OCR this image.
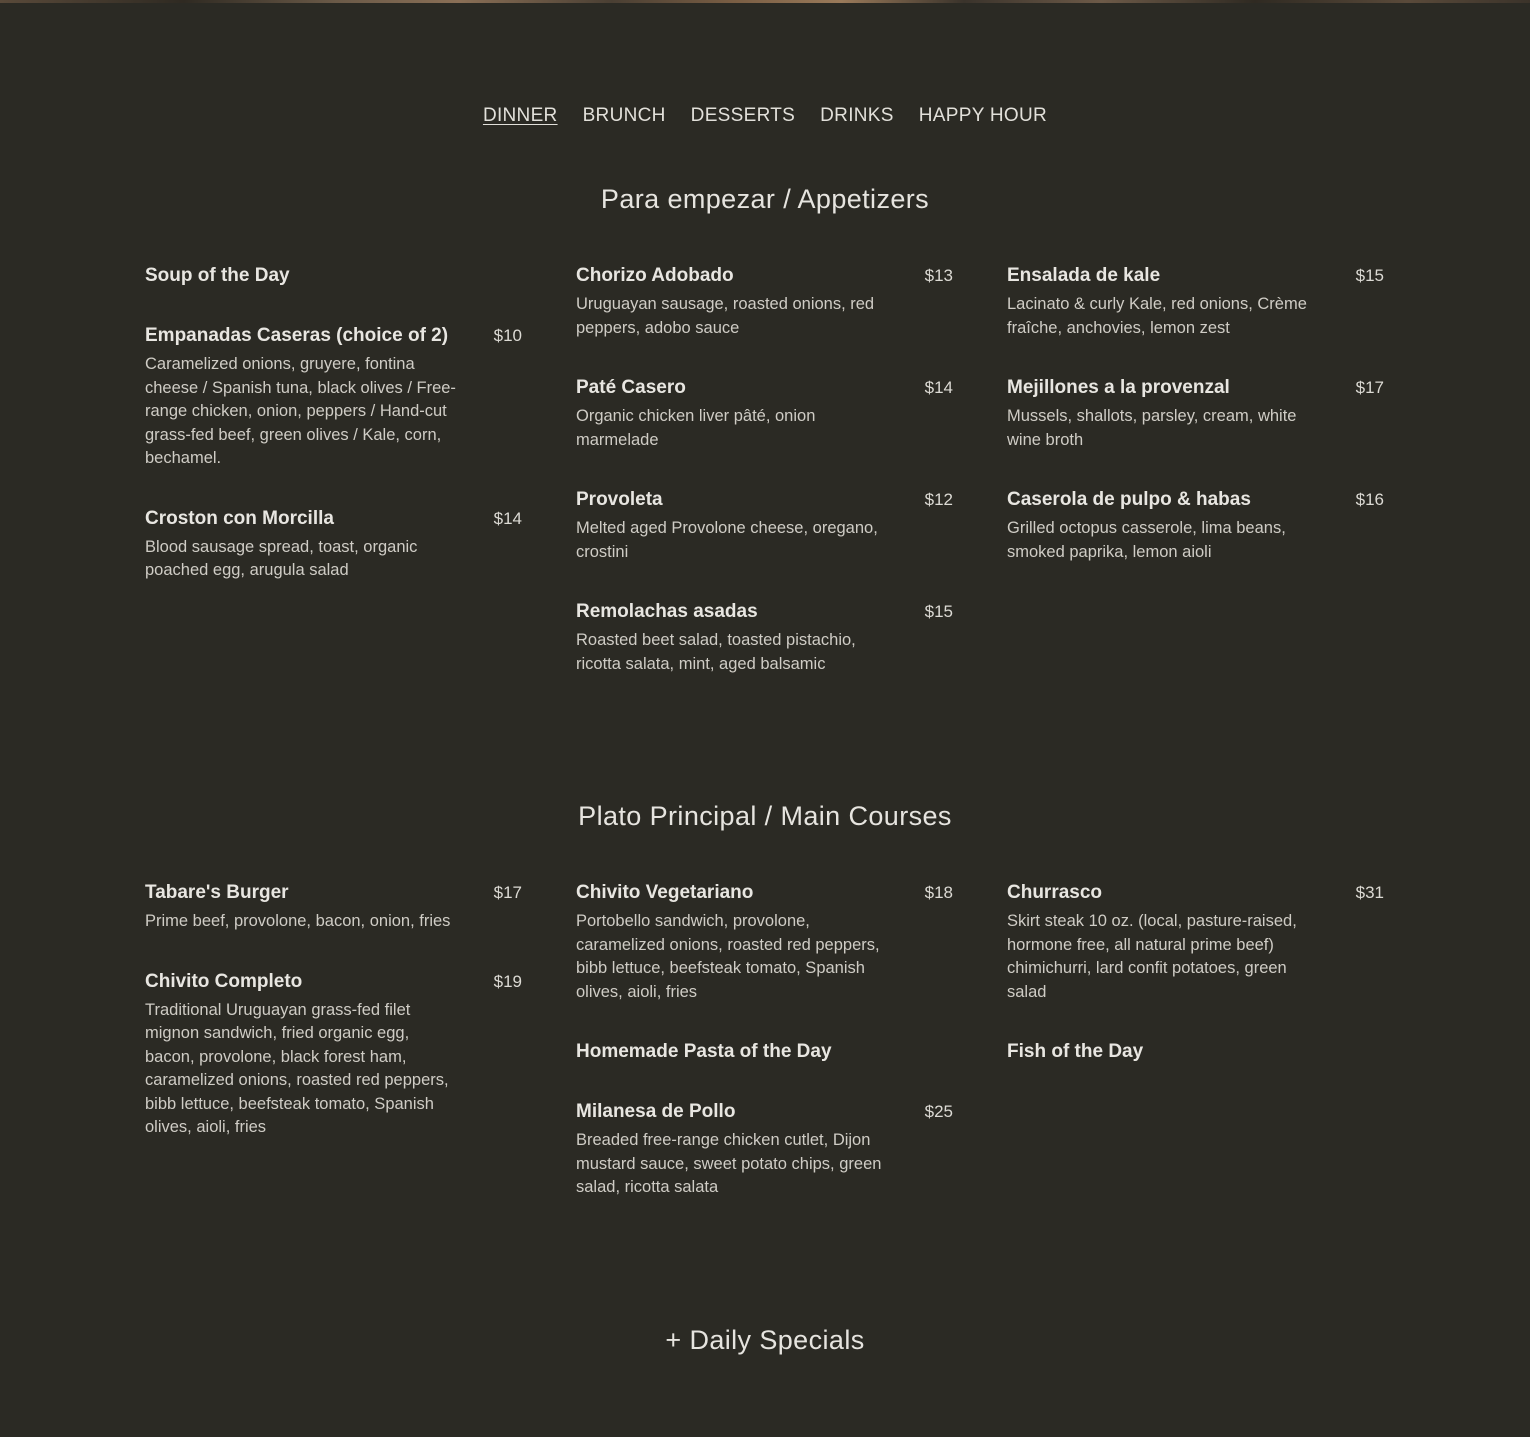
DINNER BRUNCH DESSERTS DRINKS HAPPY HOUR
Para empezar / Appetizers
Soup of the Day
Empanadas Caseras (choice of 2)	$10
Caramelized onions, gruyere, fontina cheese / Spanish tuna, black olives / Free-range chicken, onion, peppers / Hand-cut grass-fed beef, green olives / Kale, corn, bechamel.
Croston con Morcilla	$14
Blood sausage spread, toast, organic poached egg, arugula salad
Chorizo Adobado	$13
Uruguayan sausage, roasted onions, red peppers, adobo sauce
Paté Casero	$14
Organic chicken liver pâté, onion marmelade
Provoleta	$12
Melted aged Provolone cheese, oregano, crostini
Remolachas asadas	$15
Roasted beet salad, toasted pistachio, ricotta salata, mint, aged balsamic
Ensalada de kale	$15
Lacinato & curly Kale, red onions, Crème fraîche, anchovies, lemon zest
Mejillones a la provenzal	$17
Mussels, shallots, parsley, cream, white wine broth
Caserola de pulpo & habas	$16
Grilled octopus casserole, lima beans, smoked paprika, lemon aioli
Plato Principal / Main Courses
Tabare's Burger	$17
Prime beef, provolone, bacon, onion, fries
Chivito Completo	$19
Traditional Uruguayan grass-fed filet mignon sandwich, fried organic egg, bacon, provolone, black forest ham, caramelized onions, roasted red peppers, bibb lettuce, beefsteak tomato, Spanish olives, aioli, fries
Chivito Vegetariano	$18
Portobello sandwich, provolone, caramelized onions, roasted red peppers, bibb lettuce, beefsteak tomato, Spanish olives, aioli, fries
Homemade Pasta of the Day
Milanesa de Pollo	$25
Breaded free-range chicken cutlet, Dijon mustard sauce, sweet potato chips, green salad, ricotta salata
Churrasco	$31
Skirt steak 10 oz. (local, pasture-raised, hormone free, all natural prime beef) chimichurri, lard confit potatoes, green salad
Fish of the Day
+ Daily Specials
